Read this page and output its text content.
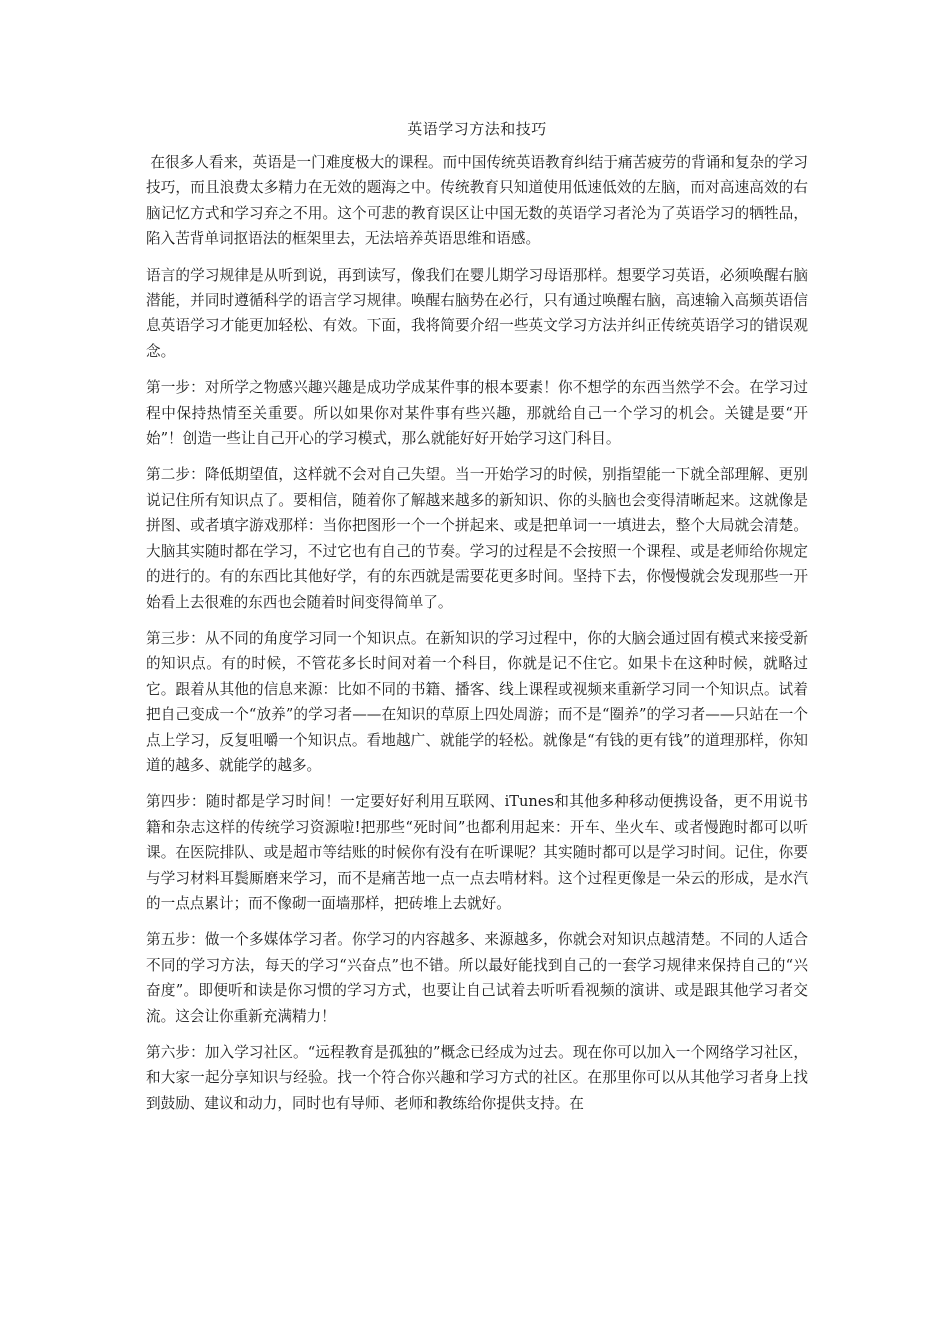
英语学习方法和技巧

在很多人看来，英语是一门难度极大的课程。而中国传统英语教育纠结于痛苦疲劳的背诵和复杂的学习技巧，而且浪费太多精力在无效的题海之中。传统教育只知道使用低速低效的左脑，而对高速高效的右脑记忆方式和学习弃之不用。这个可悲的教育误区让中国无数的英语学习者沦为了英语学习的牺牲品，陷入苦背单词抠语法的框架里去，无法培养英语思维和语感。

语言的学习规律是从听到说，再到读写，像我们在婴儿期学习母语那样。想要学习英语，必须唤醒右脑潜能，并同时遵循科学的语言学习规律。唤醒右脑势在必行，只有通过唤醒右脑，高速输入高频英语信息英语学习才能更加轻松、有效。下面，我将简要介绍一些英文学习方法并纠正传统英语学习的错误观念。

第一步：对所学之物感兴趣兴趣是成功学成某件事的根本要素！你不想学的东西当然学不会。在学习过程中保持热情至关重要。所以如果你对某件事有些兴趣，那就给自己一个学习的机会。关键是要“开始”！创造一些让自己开心的学习模式，那么就能好好开始学习这门科目。

第二步：降低期望值，这样就不会对自己失望。当一开始学习的时候，别指望能一下就全部理解、更别说记住所有知识点了。要相信，随着你了解越来越多的新知识、你的头脑也会变得清晰起来。这就像是拼图、或者填字游戏那样：当你把图形一个一个拼起来、或是把单词一一填进去，整个大局就会清楚。大脑其实随时都在学习，不过它也有自己的节奏。学习的过程是不会按照一个课程、或是老师给你规定的进行的。有的东西比其他好学，有的东西就是需要花更多时间。坚持下去，你慢慢就会发现那些一开始看上去很难的东西也会随着时间变得简单了。

第三步：从不同的角度学习同一个知识点。在新知识的学习过程中，你的大脑会通过固有模式来接受新的知识点。有的时候，不管花多长时间对着一个科目，你就是记不住它。如果卡在这种时候，就略过它。跟着从其他的信息来源：比如不同的书籍、播客、线上课程或视频来重新学习同一个知识点。试着把自己变成一个“放养”的学习者——在知识的草原上四处周游；而不是“圈养”的学习者——只站在一个点上学习，反复咀嚼一个知识点。看地越广、就能学的轻松。就像是“有钱的更有钱”的道理那样，你知道的越多、就能学的越多。

第四步：随时都是学习时间！一定要好好利用互联网、iTunes和其他多种移动便携设备，更不用说书籍和杂志这样的传统学习资源啦!把那些“死时间”也都利用起来：开车、坐火车、或者慢跑时都可以听课。在医院排队、或是超市等结账的时候你有没有在听课呢？其实随时都可以是学习时间。记住，你要与学习材料耳鬓厮磨来学习，而不是痛苦地一点一点去啃材料。这个过程更像是一朵云的形成，是水汽的一点点累计；而不像砌一面墙那样，把砖堆上去就好。

第五步：做一个多媒体学习者。你学习的内容越多、来源越多，你就会对知识点越清楚。不同的人适合不同的学习方法，每天的学习“兴奋点”也不错。所以最好能找到自己的一套学习规律来保持自己的“兴奋度”。即便听和读是你习惯的学习方式，也要让自己试着去听听看视频的演讲、或是跟其他学习者交流。这会让你重新充满精力！

第六步：加入学习社区。“远程教育是孤独的”概念已经成为过去。现在你可以加入一个网络学习社区，和大家一起分享知识与经验。找一个符合你兴趣和学习方式的社区。在那里你可以从其他学习者身上找到鼓励、建议和动力，同时也有导师、老师和教练给你提供支持。在
